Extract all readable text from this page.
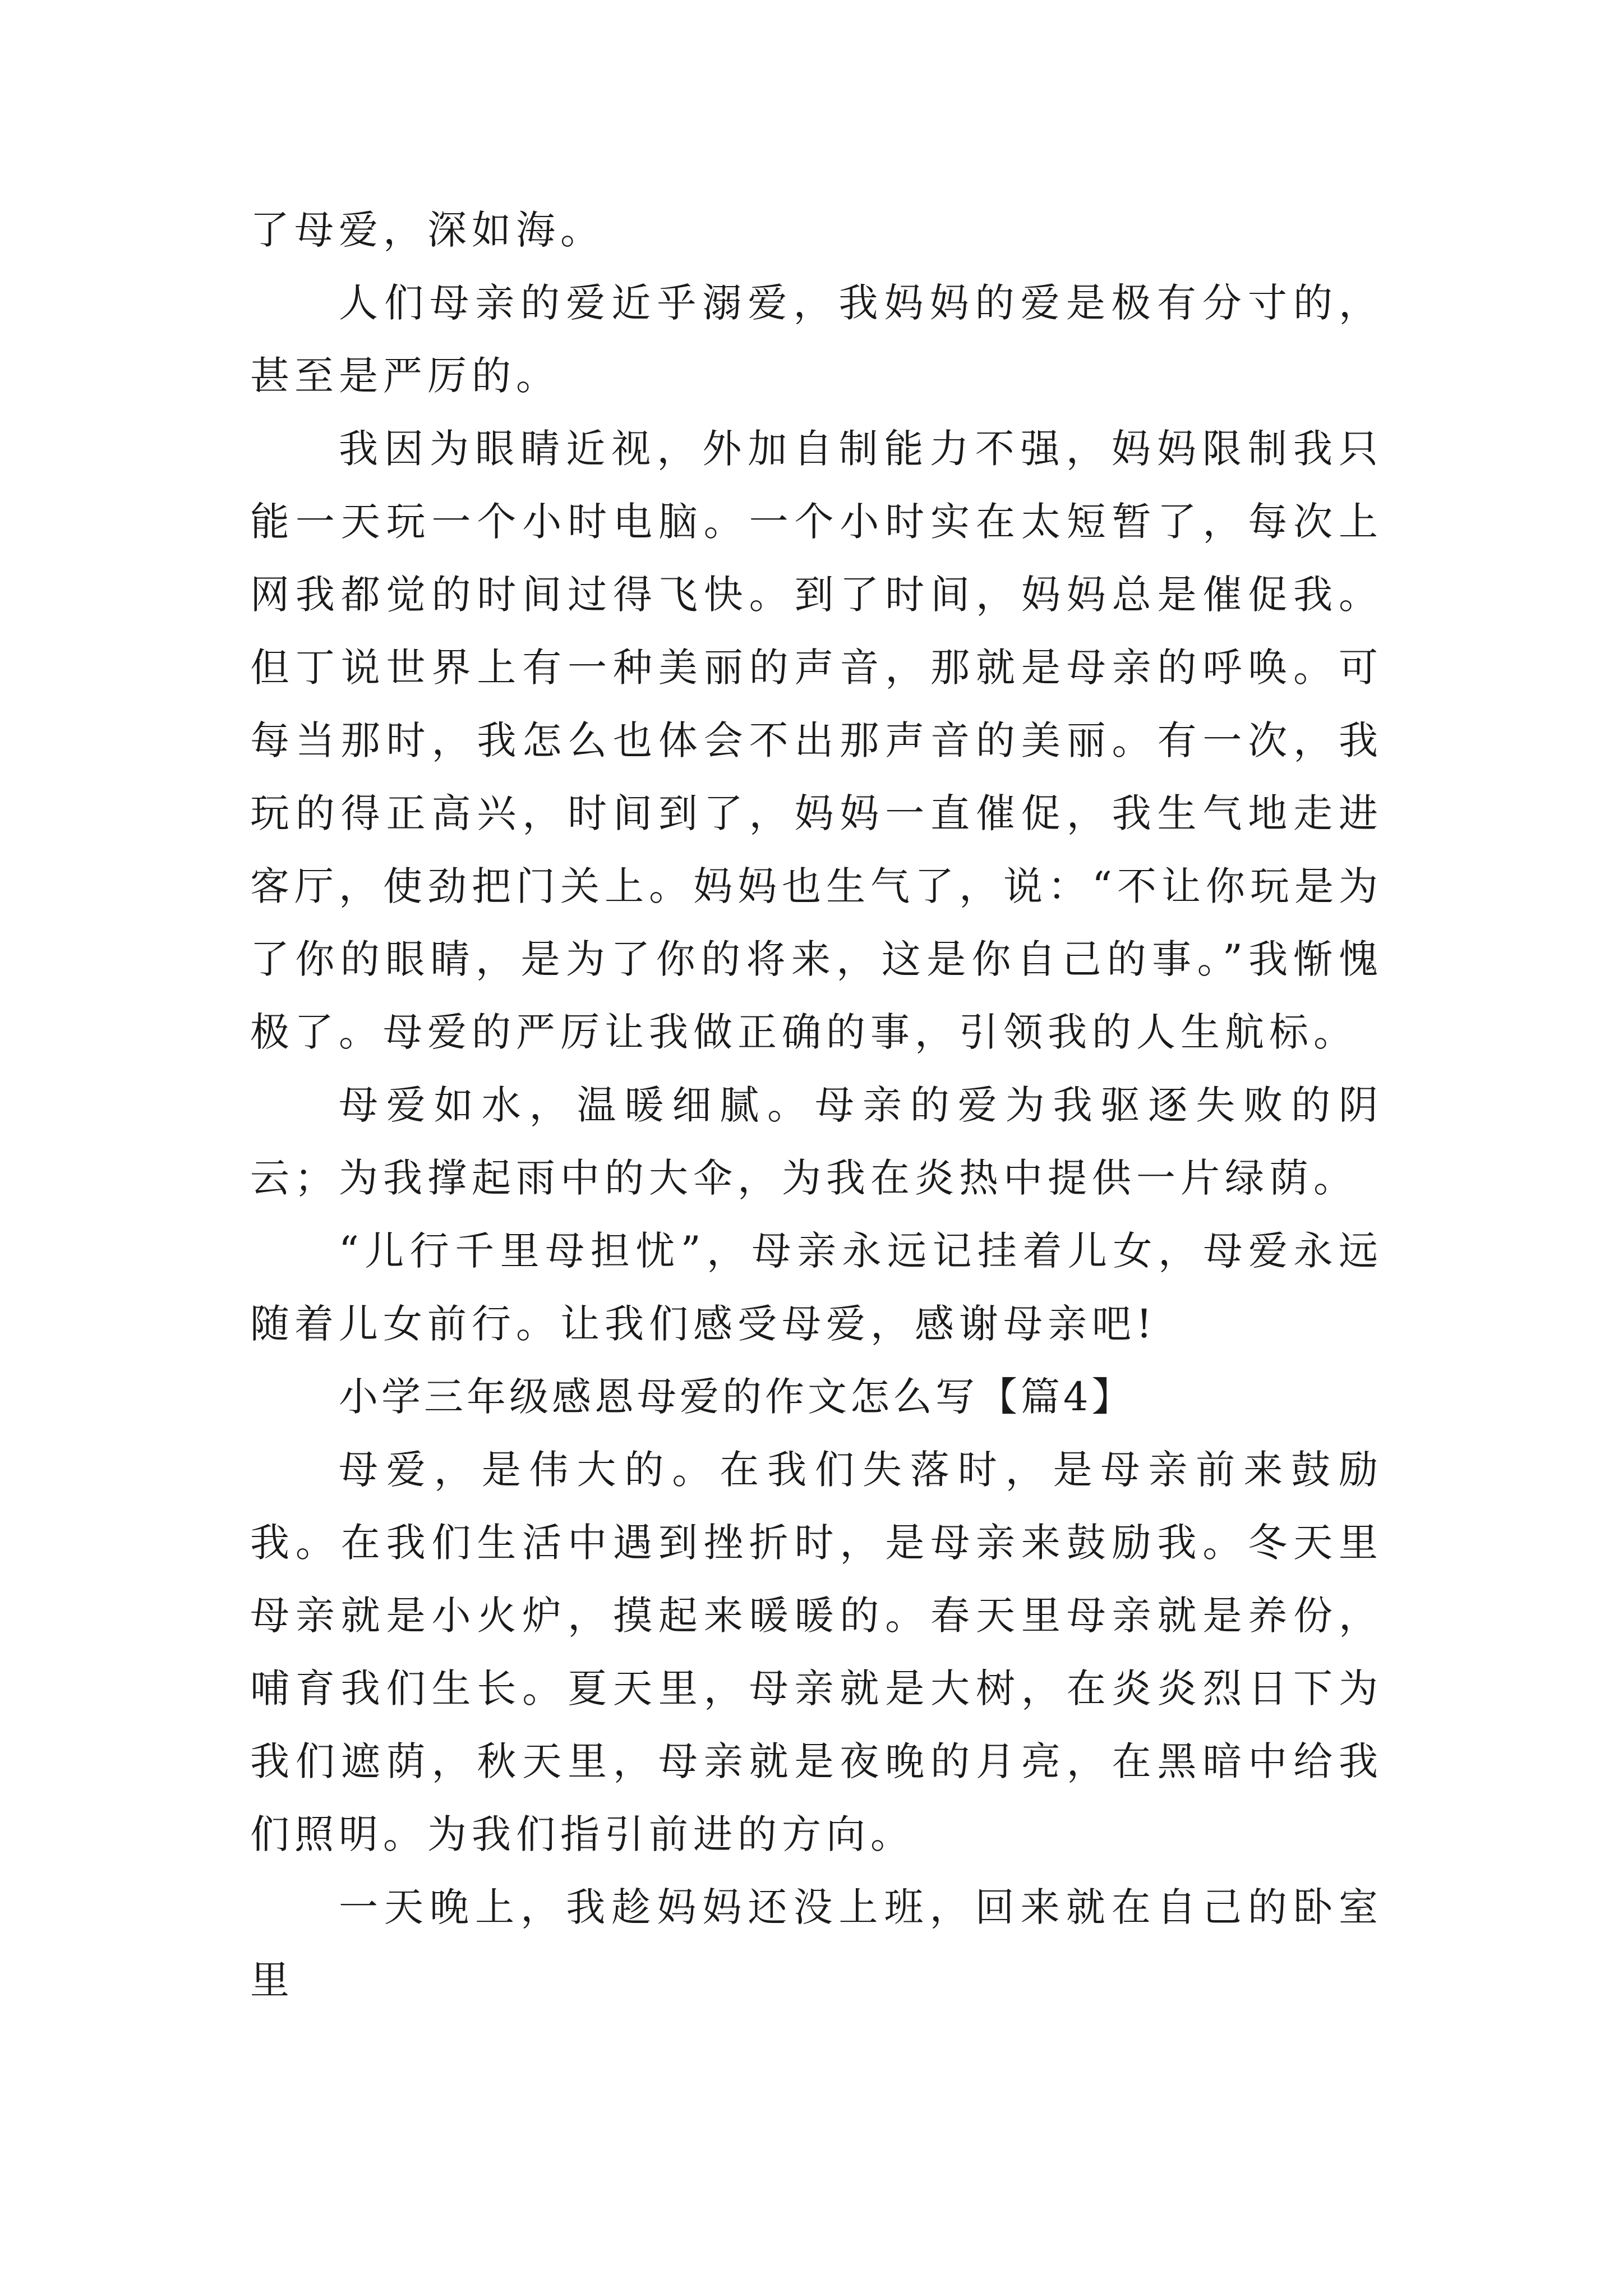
了母爱，深如海。

人们母亲的爱近乎溺爱，我妈妈的爱是极有分寸的，甚至是严厉的。

我因为眼睛近视，外加自制能力不强，妈妈限制我只能一天玩一个小时电脑。一个小时实在太短暂了，每次上网我都觉的时间过得飞快。到了时间，妈妈总是催促我。但丁说世界上有一种美丽的声音，那就是母亲的呼唤。可每当那时，我怎么也体会不出那声音的美丽。有一次，我玩的得正高兴，时间到了，妈妈一直催促，我生气地走进客厅，使劲把门关上。妈妈也生气了，说：“不让你玩是为了你的眼睛，是为了你的将来，这是你自己的事。”我惭愧极了。母爱的严厉让我做正确的事，引领我的人生航标。

母爱如水，温暖细腻。母亲的爱为我驱逐失败的阴云；为我撑起雨中的大伞，为我在炎热中提供一片绿荫。

“儿行千里母担忧”，母亲永远记挂着儿女，母爱永远随着儿女前行。让我们感受母爱，感谢母亲吧!

小学三年级感恩母爱的作文怎么写【篇4】

母爱，是伟大的。在我们失落时，是母亲前来鼓励我。在我们生活中遇到挫折时，是母亲来鼓励我。冬天里母亲就是小火炉，摸起来暖暖的。春天里母亲就是养份，哺育我们生长。夏天里，母亲就是大树，在炎炎烈日下为我们遮荫，秋天里，母亲就是夜晚的月亮，在黑暗中给我们照明。为我们指引前进的方向。

一天晚上，我趁妈妈还没上班，回来就在自己的卧室里
